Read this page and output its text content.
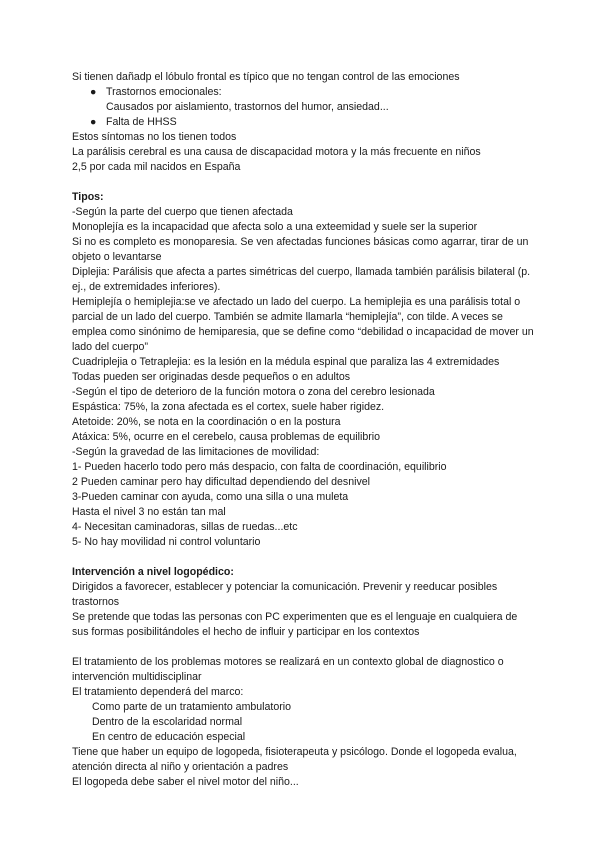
Si tienen dañadp el lóbulo frontal es típico que no tengan control de las emociones

● Trastornos emocionales:

Causados por aislamiento, trastornos del humor, ansiedad...

● Falta de HHSS

Estos síntomas no los tienen todos

La parálisis cerebral es una causa de discapacidad motora y la más frecuente en niños

2,5 por cada mil nacidos en España

Tipos:

-Según la parte del cuerpo que tienen afectada

Monoplejía es la incapacidad que afecta solo a una exteemidad y suele ser la superior

Si no es completo es monoparesia. Se ven afectadas funciones básicas como agarrar, tirar de un objeto o levantarse

Diplejia: Parálisis que afecta a partes simétricas del cuerpo, llamada también parálisis bilateral (p. ej., de extremidades inferiores).

Hemiplejía o hemiplejia:se ve afectado un lado del cuerpo. La hemiplejia es una parálisis total o parcial de un lado del cuerpo. También se admite llamarla “hemiplejía”, con tilde. A veces se emplea como sinónimo de hemiparesia, que se define como “debilidad o incapacidad de mover un lado del cuerpo”

Cuadriplejia o Tetraplejia: es la lesión en la médula espinal que paraliza las 4 extremidades

Todas pueden ser originadas desde pequeños o en adultos

-Según el tipo de deterioro de la función motora o zona del cerebro lesionada

Espástica: 75%, la zona afectada es el cortex, suele haber rigidez.

Atetoide: 20%, se nota en la coordinación o en la postura

Atáxica: 5%, ocurre en el cerebelo, causa problemas de equilibrio

-Según la gravedad de las limitaciones de movilidad:

1- Pueden hacerlo todo pero más despacio, con falta de coordinación, equilibrio

2 Pueden caminar pero hay dificultad dependiendo del desnivel

3-Pueden caminar con ayuda, como una silla o una muleta

Hasta el nivel 3 no están tan mal

4- Necesitan caminadoras, sillas de ruedas...etc

5- No hay movilidad ni control voluntario

Intervención a nivel logopédico:

Dirigidos a favorecer, establecer y potenciar la comunicación. Prevenir y reeducar posibles trastornos

Se pretende que todas las personas con PC experimenten que es el lenguaje en cualquiera de sus formas posibilitándoles el hecho de influir y participar en los contextos

El tratamiento de los problemas motores se realizará en un contexto global de diagnostico o intervención multidisciplinar

El tratamiento dependerá del marco:

Como parte de un tratamiento ambulatorio

Dentro de la escolaridad normal

En centro de educación especial

Tiene que haber un equipo de logopeda, fisioterapeuta y psicólogo. Donde el logopeda evalua, atención directa al niño y orientación a padres

El logopeda debe saber el nivel motor del niño...
